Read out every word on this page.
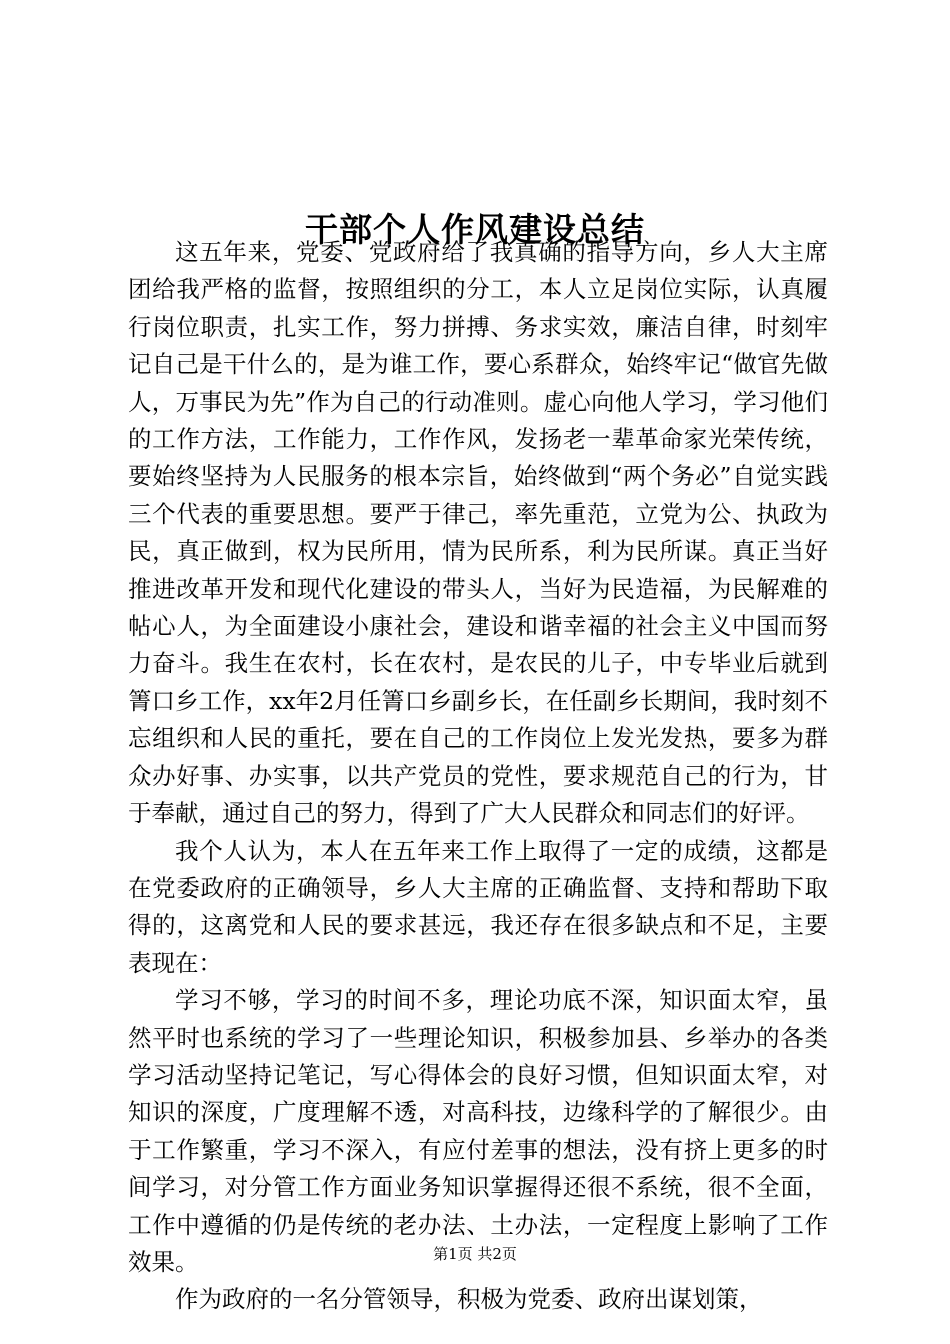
干部个人作风建设总结

这五年来，党委、党政府给了我真确的指导方向，乡人大主席团给我严格的监督，按照组织的分工，本人立足岗位实际，认真履行岗位职责，扎实工作，努力拼搏、务求实效，廉洁自律，时刻牢记自己是干什么的，是为谁工作，要心系群众，始终牢记“做官先做人，万事民为先”作为自己的行动准则。虚心向他人学习，学习他们的工作方法，工作能力，工作作风，发扬老一辈革命家光荣传统，要始终坚持为人民服务的根本宗旨，始终做到“两个务必”自觉实践三个代表的重要思想。要严于律己，率先重范，立党为公、执政为民，真正做到，权为民所用，情为民所系，利为民所谋。真正当好推进改革开发和现代化建设的带头人，当好为民造福，为民解难的帖心人，为全面建设小康社会，建设和谐幸福的社会主义中国而努力奋斗。我生在农村，长在农村，是农民的儿子，中专毕业后就到箐口乡工作，xx年2月任箐口乡副乡长，在任副乡长期间，我时刻不忘组织和人民的重托，要在自己的工作岗位上发光发热，要多为群众办好事、办实事，以共产党员的党性，要求规范自己的行为，甘于奉献，通过自己的努力，得到了广大人民群众和同志们的好评。

我个人认为，本人在五年来工作上取得了一定的成绩，这都是在党委政府的正确领导，乡人大主席的正确监督、支持和帮助下取得的，这离党和人民的要求甚远，我还存在很多缺点和不足，主要表现在：

学习不够，学习的时间不多，理论功底不深，知识面太窄，虽然平时也系统的学习了一些理论知识，积极参加县、乡举办的各类学习活动坚持记笔记，写心得体会的良好习惯，但知识面太窄，对知识的深度，广度理解不透，对高科技，边缘科学的了解很少。由于工作繁重，学习不深入，有应付差事的想法，没有挤上更多的时间学习，对分管工作方面业务知识掌握得还很不系统，很不全面，工作中遵循的仍是传统的老办法、土办法，一定程度上影响了工作效果。

作为政府的一名分管领导，积极为党委、政府出谋划策，

第1页 共2页
